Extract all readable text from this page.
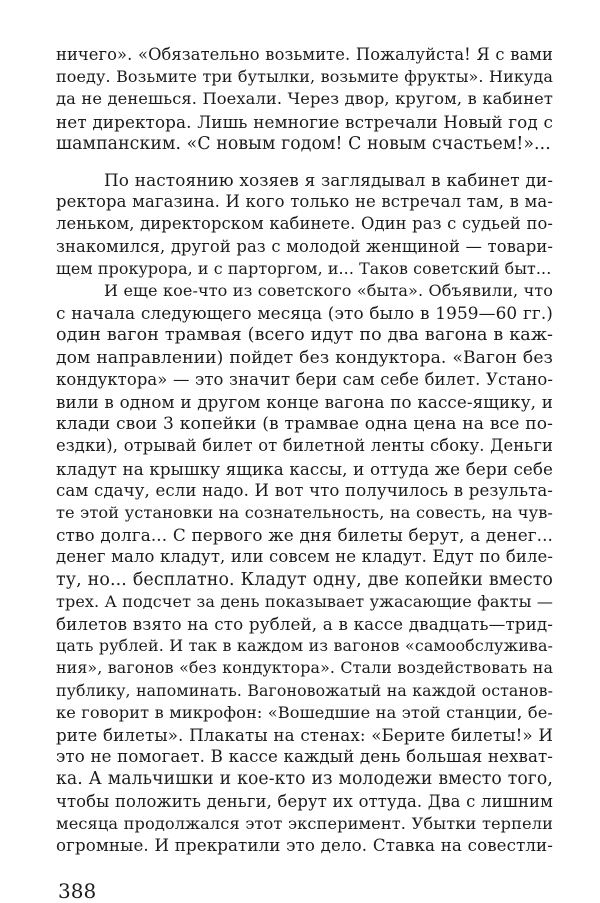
ничего». «Обязательно возьмите. Пожалуйста! Я с вами
поеду. Возьмите три бутылки, возьмите фрукты». Никуда
да не денешься. Поехали. Через двор, кругом, в кабинет
нет директора. Лишь немногие встречали Новый год с
шампанским. «С новым годом! С новым счастьем!»...
По настоянию хозяев я заглядывал в кабинет ди-
ректора магазина. И кого только не встречал там, в ма-
леньком, директорском кабинете. Один раз с судьей по-
знакомился, другой раз с молодой женщиной — товари-
щем прокурора, и с парторгом, и... Таков советский быт...
И еще кое-что из советского «быта». Объявили, что
с начала следующего месяца (это было в 1959—60 гг.)
один вагон трамвая (всего идут по два вагона в каж-
дом направлении) пойдет без кондуктора. «Вагон без
кондуктора» — это значит бери сам себе билет. Устано-
вили в одном и другом конце вагона по кассе-ящику, и
клади свои 3 копейки (в трамвае одна цена на все по-
ездки), отрывай билет от билетной ленты сбоку. Деньги
кладут на крышку ящика кассы, и оттуда же бери себе
сам сдачу, если надо. И вот что получилось в результа-
те этой установки на сознательность, на совесть, на чув-
ство долга... С первого же дня билеты берут, а денег...
денег мало кладут, или совсем не кладут. Едут по биле-
ту, но... бесплатно. Кладут одну, две копейки вместо
трех. А подсчет за день показывает ужасающие факты —
билетов взято на сто рублей, а в кассе двадцать—трид-
цать рублей. И так в каждом из вагонов «самообслужива-
ния», вагонов «без кондуктора». Стали воздействовать на
публику, напоминать. Вагоновожатый на каждой останов-
ке говорит в микрофон: «Вошедшие на этой станции, бе-
рите билеты». Плакаты на стенах: «Берите билеты!» И
это не помогает. В кассе каждый день большая нехват-
ка. А мальчишки и кое-кто из молодежи вместо того,
чтобы положить деньги, берут их оттуда. Два с лишним
месяца продолжался этот эксперимент. Убытки терпели
огромные. И прекратили это дело. Ставка на совестли-
388
